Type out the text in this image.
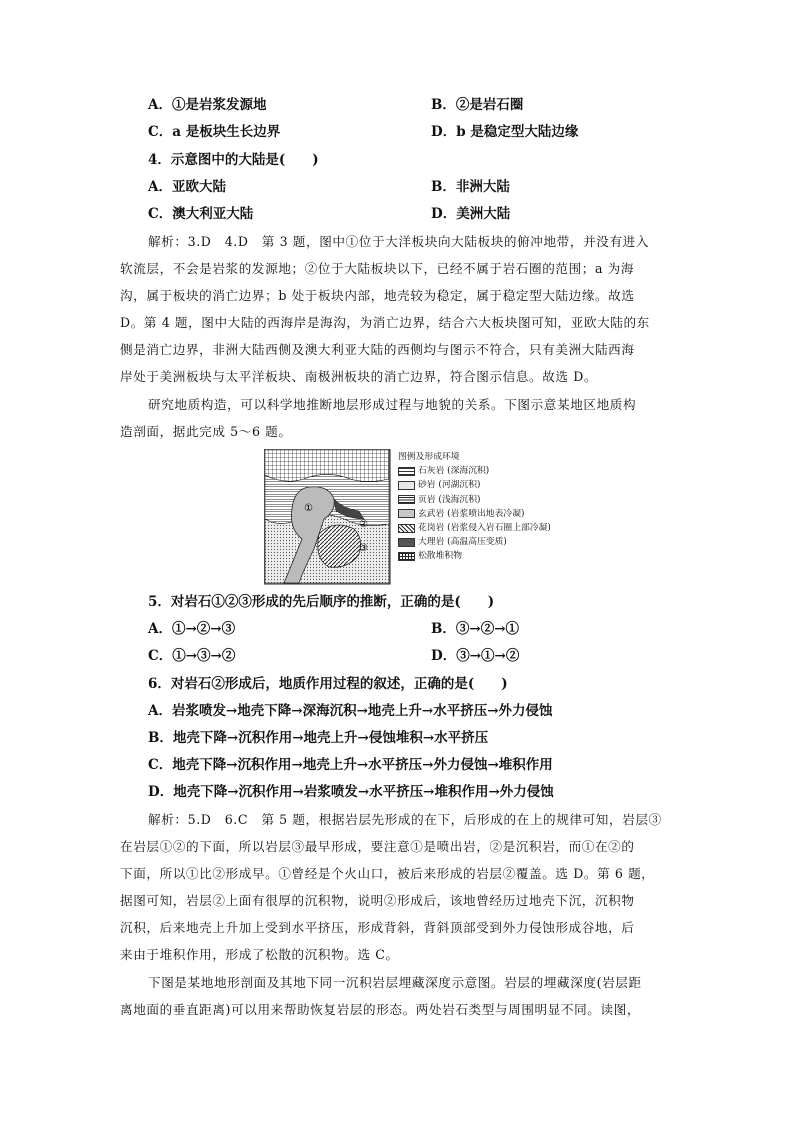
A．①是岩浆发源地	B．②是岩石圈
C．a 是板块生长边界	D．b 是稳定型大陆边缘
4．示意图中的大陆是(　　)
A．亚欧大陆	B．非洲大陆
C．澳大利亚大陆	D．美洲大陆
解析：3.D　4.D　第 3 题，图中①位于大洋板块向大陆板块的俯冲地带，并没有进入
软流层，不会是岩浆的发源地；②位于大陆板块以下，已经不属于岩石圈的范围；a 为海
沟，属于板块的消亡边界；b 处于板块内部，地壳较为稳定，属于稳定型大陆边缘。故选
D。第 4 题，图中大陆的西海岸是海沟，为消亡边界，结合六大板块图可知，亚欧大陆的东
侧是消亡边界，非洲大陆西侧及澳大利亚大陆的西侧均与图示不符合，只有美洲大陆西海
岸处于美洲板块与太平洋板块、南极洲板块的消亡边界，符合图示信息。故选 D。
研究地质构造，可以科学地推断地层形成过程与地貌的关系。下图示意某地区地质构
造剖面，据此完成 5～6 题。
①
②
③
图例及形成环境
石灰岩 (深海沉积)
砂岩 (河湖沉积)
页岩 (浅海沉积)
玄武岩 (岩浆喷出地表冷凝)
花岗岩 (岩浆侵入岩石圈上部冷凝)
大理岩 (高温高压变质)
松散堆积物
5．对岩石①②③形成的先后顺序的推断，正确的是(　　)
A．①→②→③	B．③→②→①
C．①→③→②	D．③→①→②
6．对岩石②形成后，地质作用过程的叙述，正确的是(　　)
A．岩浆喷发→地壳下降→深海沉积→地壳上升→水平挤压→外力侵蚀
B．地壳下降→沉积作用→地壳上升→侵蚀堆积→水平挤压
C．地壳下降→沉积作用→地壳上升→水平挤压→外力侵蚀→堆积作用
D．地壳下降→沉积作用→岩浆喷发→水平挤压→堆积作用→外力侵蚀
解析：5.D　6.C　第 5 题，根据岩层先形成的在下，后形成的在上的规律可知，岩层③
在岩层①②的下面，所以岩层③最早形成，要注意①是喷出岩，②是沉积岩，而①在②的
下面，所以①比②形成早。①曾经是个火山口，被后来形成的岩层②覆盖。选 D。第 6 题，
据图可知，岩层②上面有很厚的沉积物，说明②形成后，该地曾经历过地壳下沉，沉积物
沉积，后来地壳上升加上受到水平挤压，形成背斜，背斜顶部受到外力侵蚀形成谷地，后
来由于堆积作用，形成了松散的沉积物。选 C。
下图是某地地形剖面及其地下同一沉积岩层埋藏深度示意图。岩层的埋藏深度(岩层距
离地面的垂直距离)可以用来帮助恢复岩层的形态。两处岩石类型与周围明显不同。读图，
